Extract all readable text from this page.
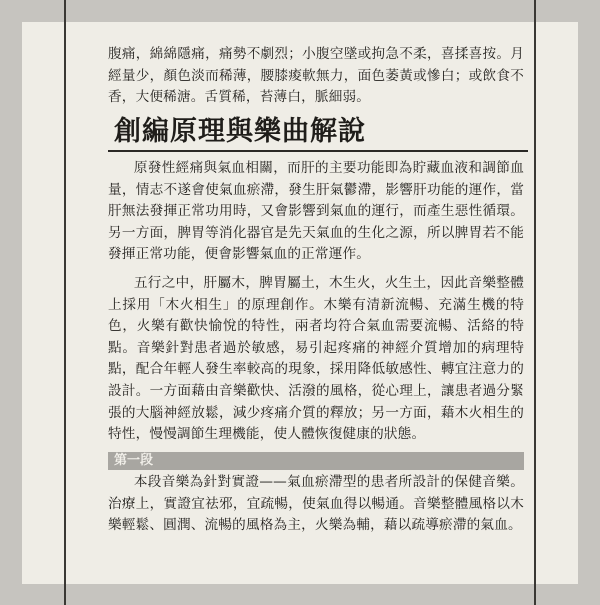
腹痛，綿綿隱痛，痛勢不劇烈；小腹空墜或拘急不柔，喜揉喜按。月經量少，顏色淡而稀薄，腰膝痠軟無力，面色萎黃或慘白；或飲食不香，大便稀溏。舌質稀，苔薄白，脈細弱。

創編原理與樂曲解說

原發性經痛與氣血相關，而肝的主要功能即為貯藏血液和調節血量，情志不遂會使氣血瘀滯，發生肝氣鬱滯，影響肝功能的運作，當肝無法發揮正常功用時，又會影響到氣血的運行，而產生惡性循環。另一方面，脾胃等消化器官是先天氣血的生化之源，所以脾胃若不能發揮正常功能，便會影響氣血的正常運作。

五行之中，肝屬木，脾胃屬土，木生火，火生土，因此音樂整體上採用「木火相生」的原理創作。木樂有清新流暢、充滿生機的特色，火樂有歡快愉悅的特性，兩者均符合氣血需要流暢、活絡的特點。音樂針對患者過於敏感，易引起疼痛的神經介質增加的病理特點，配合年輕人發生率較高的現象，採用降低敏感性、轉宜注意力的設計。一方面藉由音樂歡快、活潑的風格，從心理上，讓患者過分緊張的大腦神經放鬆，減少疼痛介質的釋放；另一方面，藉木火相生的特性，慢慢調節生理機能，使人體恢復健康的狀態。

第一段

本段音樂為針對實證——氣血瘀滯型的患者所設計的保健音樂。治療上，實證宜祛邪，宜疏暢，使氣血得以暢通。音樂整體風格以木樂輕鬆、圓潤、流暢的風格為主，火樂為輔，藉以疏導瘀滯的氣血。
